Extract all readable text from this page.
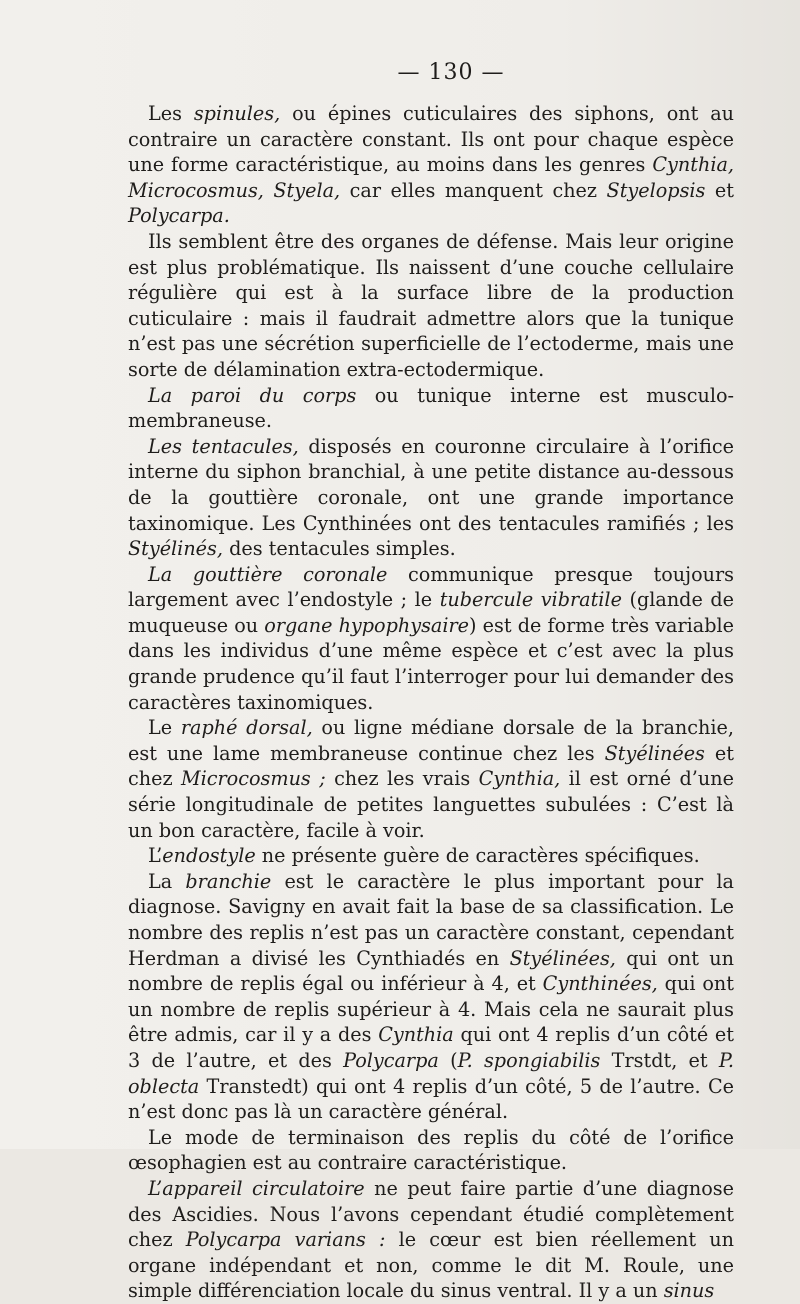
— 130 —

Les spinules, ou épines cuticulaires des siphons, ont au contraire un caractère constant. Ils ont pour chaque espèce une forme caractéristique, au moins dans les genres Cynthia, Microcosmus, Styela, car elles manquent chez Styelopsis et Polycarpa.

Ils semblent être des organes de défense. Mais leur origine est plus problématique. Ils naissent d’une couche cellulaire régulière qui est à la surface libre de la production cuticulaire : mais il faudrait admettre alors que la tunique n’est pas une sécrétion superficielle de l’ectoderme, mais une sorte de délamination extra-ectodermique.

La paroi du corps ou tunique interne est musculo-membraneuse.

Les tentacules, disposés en couronne circulaire à l’orifice interne du siphon branchial, à une petite distance au-dessous de la gouttière coronale, ont une grande importance taxinomique. Les Cynthinées ont des tentacules ramifiés ; les Styélinés, des tentacules simples.

La gouttière coronale communique presque toujours largement avec l’endostyle ; le tubercule vibratile (glande de muqueuse ou organe hypophysaire) est de forme très variable dans les individus d’une même espèce et c’est avec la plus grande prudence qu’il faut l’interroger pour lui demander des caractères taxinomiques.

Le raphé dorsal, ou ligne médiane dorsale de la branchie, est une lame membraneuse continue chez les Styélinées et chez Microcosmus ; chez les vrais Cynthia, il est orné d’une série longitudinale de petites languettes subulées : C’est là un bon caractère, facile à voir.

L’endostyle ne présente guère de caractères spécifiques.

La branchie est le caractère le plus important pour la diagnose. Savigny en avait fait la base de sa classification. Le nombre des replis n’est pas un caractère constant, cependant Herdman a divisé les Cynthiadés en Styélinées, qui ont un nombre de replis égal ou inférieur à 4, et Cynthinées, qui ont un nombre de replis supérieur à 4. Mais cela ne saurait plus être admis, car il y a des Cynthia qui ont 4 replis d’un côté et 3 de l’autre, et des Polycarpa (P. spongiabilis Trstdt, et P. oblecta Transtedt) qui ont 4 replis d’un côté, 5 de l’autre. Ce n’est donc pas là un caractère général.

Le mode de terminaison des replis du côté de l’orifice œsophagien est au contraire caractéristique.

L’appareil circulatoire ne peut faire partie d’une diagnose des Ascidies. Nous l’avons cependant étudié complètement chez Polycarpa varians : le cœur est bien réellement un organe indépendant et non, comme le dit M. Roule, une simple différenciation locale du sinus ventral. Il y a un sinus
